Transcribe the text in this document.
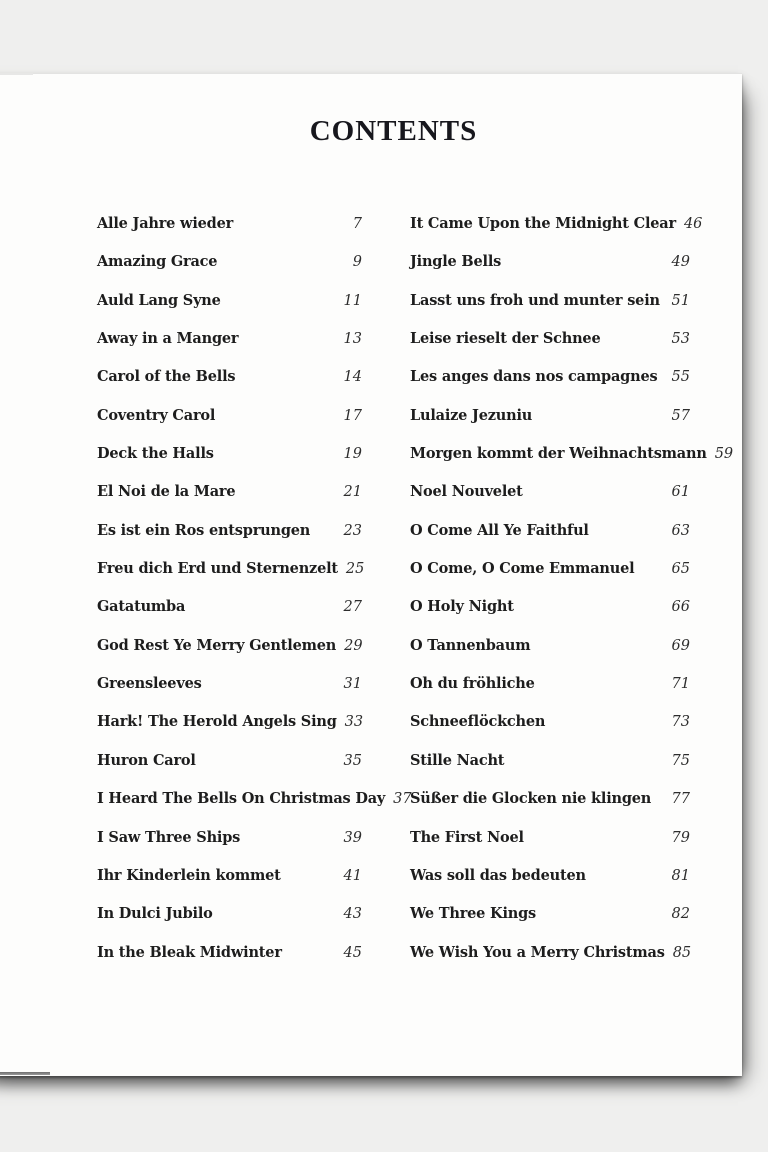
CONTENTS
Alle Jahre wieder	7
Amazing Grace	9
Auld Lang Syne	11
Away in a Manger	13
Carol of the Bells	14
Coventry Carol	17
Deck the Halls	19
El Noi de la Mare	21
Es ist ein Ros entsprungen 23
Freu dich Erd und Sternenzelt 25
Gatatumba	27
God Rest Ye Merry Gentlemen 29
Greensleeves	31
Hark! The Herold Angels Sing 33
Huron Carol	35
I Heard The Bells On Christmas Day 37
I Saw Three Ships	39
Ihr Kinderlein kommet	41
In Dulci Jubilo	43
In the Bleak Midwinter	45
It Came Upon the Midnight Clear 46
Jingle Bells	49
Lasst uns froh und munter sein 51
Leise rieselt der Schnee	53
Les anges dans nos campagnes 55
Lulaize Jezuniu	57
Morgen kommt der Weihnachtsmann 59
Noel Nouvelet	61
O Come All Ye Faithful	63
O Come, O Come Emmanuel	65
O Holy Night	66
O Tannenbaum	69
Oh du fröhliche	71
Schneeflöckchen	73
Stille Nacht	75
Süßer die Glocken nie klingen 77
The First Noel	79
Was soll das bedeuten	81
We Three Kings	82
We Wish You a Merry Christmas 85
